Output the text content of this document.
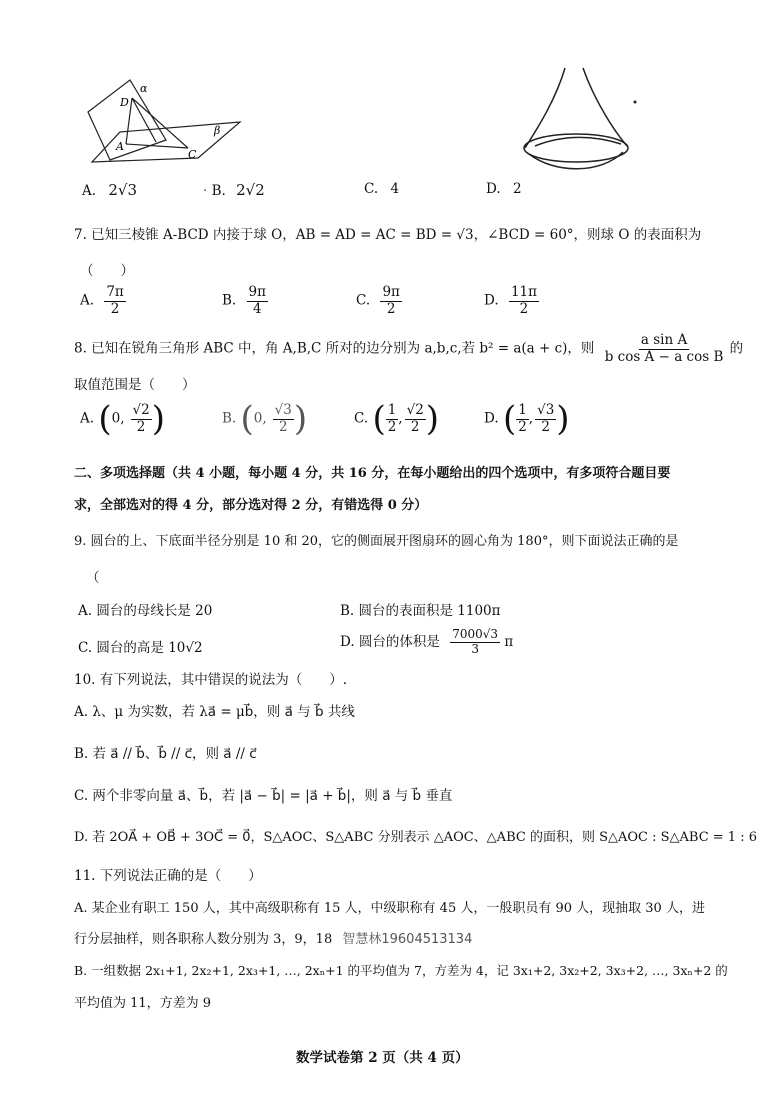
D
α
β
A
C
A. 2√3	· B. 2√2	C. 4	D. 2
7. 已知三棱锥 A-BCD 内接于球 O，AB = AD = AC = BD = √3，∠BCD = 60°，则球 O 的表面积为
（　　）
A. $\frac{7\pi}{2}$	B. $\frac{9\pi}{4}$	C. $\frac{9\pi}{2}$	D. $\frac{11\pi}{2}$
8. 已知在锐角三角形 ABC 中，角 A,B,C 所对的边分别为 a,b,c,若 b² = a(a + c)，则 $\frac{\text{a sin A}}{\text{b cos A − a cos B}}$ 的
取值范围是（　　）
A. (0, $\frac{√2}{2}$ )	B. (0, $\frac{√3}{2}$ )	C. ( $\frac{1}{2}$ , $\frac{√2}{2}$ )	D. ( $\frac{1}{2}$ , $\frac{√3}{2}$ )
二、多项选择题（共 4 小题，每小题 4 分，共 16 分，在每小题给出的四个选项中，有多项符合题目要
求，全部选对的得 4 分，部分选对得 2 分，有错选得 0 分）
9. 圆台的上、下底面半径分别是 10 和 20，它的侧面展开图扇环的圆心角为 180°，则下面说法正确的是
（
A. 圆台的母线长是 20	B. 圆台的表面积是 1100π
C. 圆台的高是 10√2	D. 圆台的体积是 $\frac{7000√3}{3}$ π
10. 有下列说法，其中错误的说法为（　　）.
A. λ、μ 为实数，若 λa⃗ = μb⃗，则 a⃗ 与 b⃗ 共线
B. 若 a⃗ // b⃗、b⃗ // c⃗，则 a⃗ // c⃗
C. 两个非零向量 a⃗、b⃗，若 |a⃗ − b⃗| = |a⃗ + b⃗|，则 a⃗ 与 b⃗ 垂直
D. 若 2OA⃗ + OB⃗ + 3OC⃗ = 0⃗，S△AOC、S△ABC 分别表示 △AOC、△ABC 的面积，则 S△AOC : S△ABC = 1 : 6
11. 下列说法正确的是（　　）
A. 某企业有职工 150 人，其中高级职称有 15 人，中级职称有 45 人，一般职员有 90 人，现抽取 30 人，进
行分层抽样，则各职称人数分别为 3，9，18 智慧林19604513134
B. 一组数据 2x₁+1, 2x₂+1, 2x₃+1, …, 2xₙ+1 的平均值为 7，方差为 4，记 3x₁+2, 3x₂+2, 3x₃+2, …, 3xₙ+2 的
平均值为 11，方差为 9
数学试卷第 2 页（共 4 页）
